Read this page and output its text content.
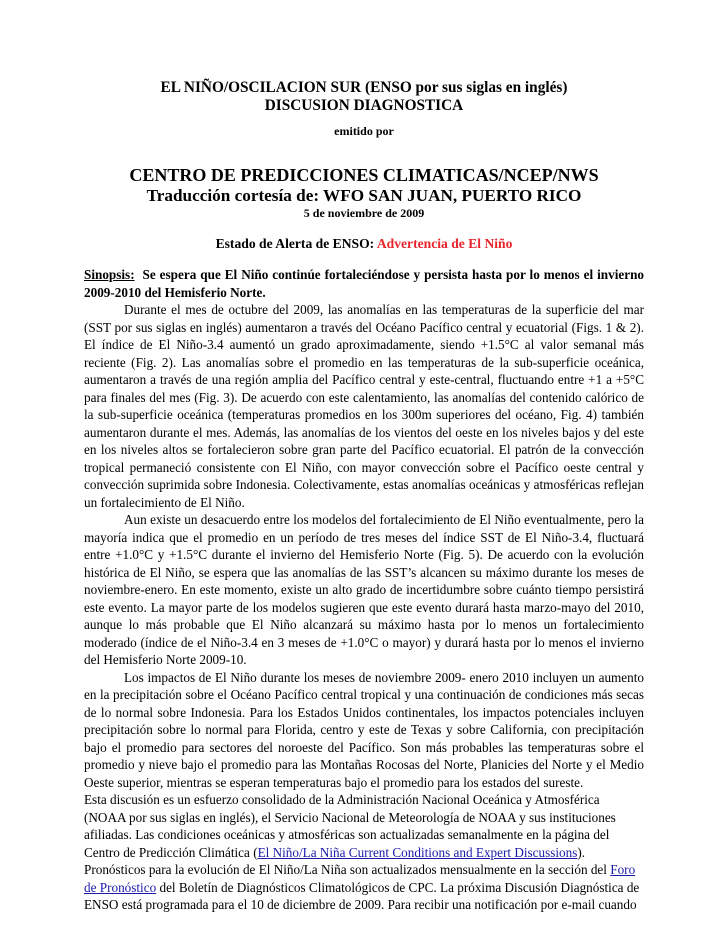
EL NIÑO/OSCILACION SUR (ENSO por sus siglas en inglés)
DISCUSION DIAGNOSTICA
emitido por
CENTRO DE PREDICCIONES CLIMATICAS/NCEP/NWS
Traducción cortesía de: WFO SAN JUAN, PUERTO RICO
5 de noviembre de 2009
Estado de Alerta de ENSO: Advertencia de El Niño

Sinopsis: Se espera que El Niño continúe fortaleciéndose y persista hasta por lo menos el invierno 2009-2010 del Hemisferio Norte.

Durante el mes de octubre del 2009, las anomalías en las temperaturas de la superficie del mar (SST por sus siglas en inglés) aumentaron a través del Océano Pacífico central y ecuatorial (Figs. 1 & 2). El índice de El Niño-3.4 aumentó un grado aproximadamente, siendo +1.5°C al valor semanal más reciente (Fig. 2). Las anomalías sobre el promedio en las temperaturas de la sub-superficie oceánica, aumentaron a través de una región amplia del Pacífico central y este-central, fluctuando entre +1 a +5°C para finales del mes (Fig. 3). De acuerdo con este calentamiento, las anomalías del contenido calórico de la sub-superficie oceánica (temperaturas promedios en los 300m superiores del océano, Fig. 4) también aumentaron durante el mes. Además, las anomalías de los vientos del oeste en los niveles bajos y del este en los niveles altos se fortalecieron sobre gran parte del Pacífico ecuatorial. El patrón de la convección tropical permaneció consistente con El Niño, con mayor convección sobre el Pacífico oeste central y convección suprimida sobre Indonesia. Colectivamente, estas anomalías oceánicas y atmosféricas reflejan un fortalecimiento de El Niño.

Aun existe un desacuerdo entre los modelos del fortalecimiento de El Niño eventualmente, pero la mayoría indica que el promedio en un período de tres meses del índice SST de El Niño-3.4, fluctuará entre +1.0°C y +1.5°C durante el invierno del Hemisferio Norte (Fig. 5). De acuerdo con la evolución histórica de El Niño, se espera que las anomalías de las SST’s alcancen su máximo durante los meses de noviembre-enero. En este momento, existe un alto grado de incertidumbre sobre cuánto tiempo persistirá este evento. La mayor parte de los modelos sugieren que este evento durará hasta marzo-mayo del 2010, aunque lo más probable que El Niño alcanzará su máximo hasta por lo menos un fortalecimiento moderado (índice de el Niño-3.4 en 3 meses de +1.0°C o mayor) y durará hasta por lo menos el invierno del Hemisferio Norte 2009-10.

Los impactos de El Niño durante los meses de noviembre 2009- enero 2010 incluyen un aumento en la precipitación sobre el Océano Pacífico central tropical y una continuación de condiciones más secas de lo normal sobre Indonesia. Para los Estados Unidos continentales, los impactos potenciales incluyen precipitación sobre lo normal para Florida, centro y este de Texas y sobre California, con precipitación bajo el promedio para sectores del noroeste del Pacífico. Son más probables las temperaturas sobre el promedio y nieve bajo el promedio para las Montañas Rocosas del Norte, Planicies del Norte y el Medio Oeste superior, mientras se esperan temperaturas bajo el promedio para los estados del sureste.

Esta discusión es un esfuerzo consolidado de la Administración Nacional Oceánica y Atmosférica (NOAA por sus siglas en inglés), el Servicio Nacional de Meteorología de NOAA y sus instituciones afiliadas. Las condiciones oceánicas y atmosféricas son actualizadas semanalmente en la página del Centro de Predicción Climática (El Niño/La Niña Current Conditions and Expert Discussions). Pronósticos para la evolución de El Niño/La Niña son actualizados mensualmente en la sección del Foro de Pronóstico del Boletín de Diagnósticos Climatológicos de CPC. La próxima Discusión Diagnóstica de ENSO está programada para el 10 de diciembre de 2009. Para recibir una notificación por e-mail cuando
